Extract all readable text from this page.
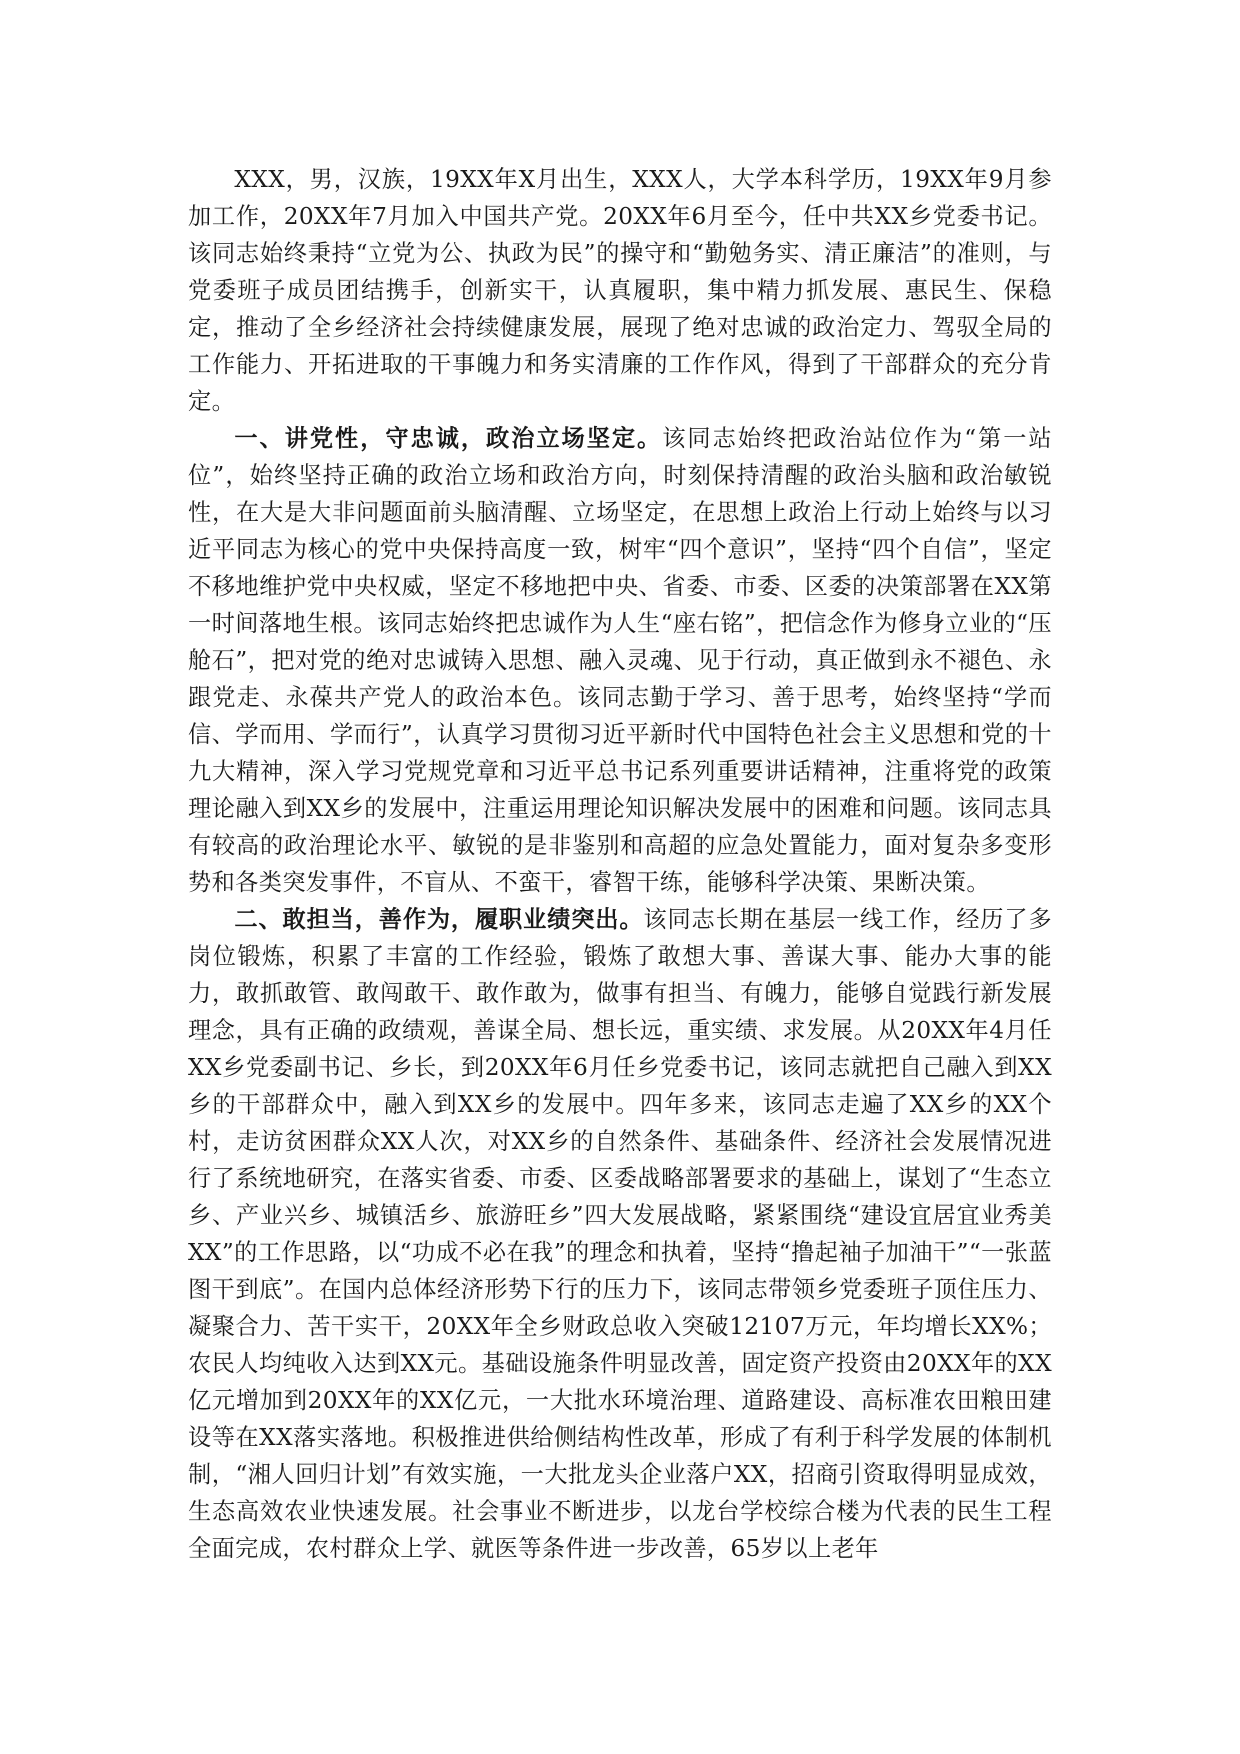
XXX，男，汉族，19XX年X月出生，XXX人，大学本科学历，19XX年9月参加工作，20XX年7月加入中国共产党。20XX年6月至今，任中共XX乡党委书记。该同志始终秉持“立党为公、执政为民”的操守和“勤勉务实、清正廉洁”的准则，与党委班子成员团结携手，创新实干，认真履职，集中精力抓发展、惠民生、保稳定，推动了全乡经济社会持续健康发展，展现了绝对忠诚的政治定力、驾驭全局的工作能力、开拓进取的干事魄力和务实清廉的工作作风，得到了干部群众的充分肯定。

一、讲党性，守忠诚，政治立场坚定。该同志始终把政治站位作为“第一站位”，始终坚持正确的政治立场和政治方向，时刻保持清醒的政治头脑和政治敏锐性，在大是大非问题面前头脑清醒、立场坚定，在思想上政治上行动上始终与以习近平同志为核心的党中央保持高度一致，树牢“四个意识”，坚持“四个自信”，坚定不移地维护党中央权威，坚定不移地把中央、省委、市委、区委的决策部署在XX第一时间落地生根。该同志始终把忠诚作为人生“座右铭”，把信念作为修身立业的“压舱石”，把对党的绝对忠诚铸入思想、融入灵魂、见于行动，真正做到永不褪色、永跟党走、永葆共产党人的政治本色。该同志勤于学习、善于思考，始终坚持“学而信、学而用、学而行”，认真学习贯彻习近平新时代中国特色社会主义思想和党的十九大精神，深入学习党规党章和习近平总书记系列重要讲话精神，注重将党的政策理论融入到XX乡的发展中，注重运用理论知识解决发展中的困难和问题。该同志具有较高的政治理论水平、敏锐的是非鉴别和高超的应急处置能力，面对复杂多变形势和各类突发事件，不盲从、不蛮干，睿智干练，能够科学决策、果断决策。

二、敢担当，善作为，履职业绩突出。该同志长期在基层一线工作，经历了多岗位锻炼，积累了丰富的工作经验，锻炼了敢想大事、善谋大事、能办大事的能力，敢抓敢管、敢闯敢干、敢作敢为，做事有担当、有魄力，能够自觉践行新发展理念，具有正确的政绩观，善谋全局、想长远，重实绩、求发展。从20XX年4月任XX乡党委副书记、乡长，到20XX年6月任乡党委书记，该同志就把自己融入到XX乡的干部群众中，融入到XX乡的发展中。四年多来，该同志走遍了XX乡的XX个村，走访贫困群众XX人次，对XX乡的自然条件、基础条件、经济社会发展情况进行了系统地研究，在落实省委、市委、区委战略部署要求的基础上，谋划了“生态立乡、产业兴乡、城镇活乡、旅游旺乡”四大发展战略，紧紧围绕“建设宜居宜业秀美XX”的工作思路，以“功成不必在我”的理念和执着，坚持“撸起袖子加油干”“一张蓝图干到底”。在国内总体经济形势下行的压力下，该同志带领乡党委班子顶住压力、凝聚合力、苦干实干，20XX年全乡财政总收入突破12107万元，年均增长XX%；农民人均纯收入达到XX元。基础设施条件明显改善，固定资产投资由20XX年的XX亿元增加到20XX年的XX亿元，一大批水环境治理、道路建设、高标准农田粮田建设等在XX落实落地。积极推进供给侧结构性改革，形成了有利于科学发展的体制机制，“湘人回归计划”有效实施，一大批龙头企业落户XX，招商引资取得明显成效，生态高效农业快速发展。社会事业不断进步，以龙台学校综合楼为代表的民生工程全面完成，农村群众上学、就医等条件进一步改善，65岁以上老年
